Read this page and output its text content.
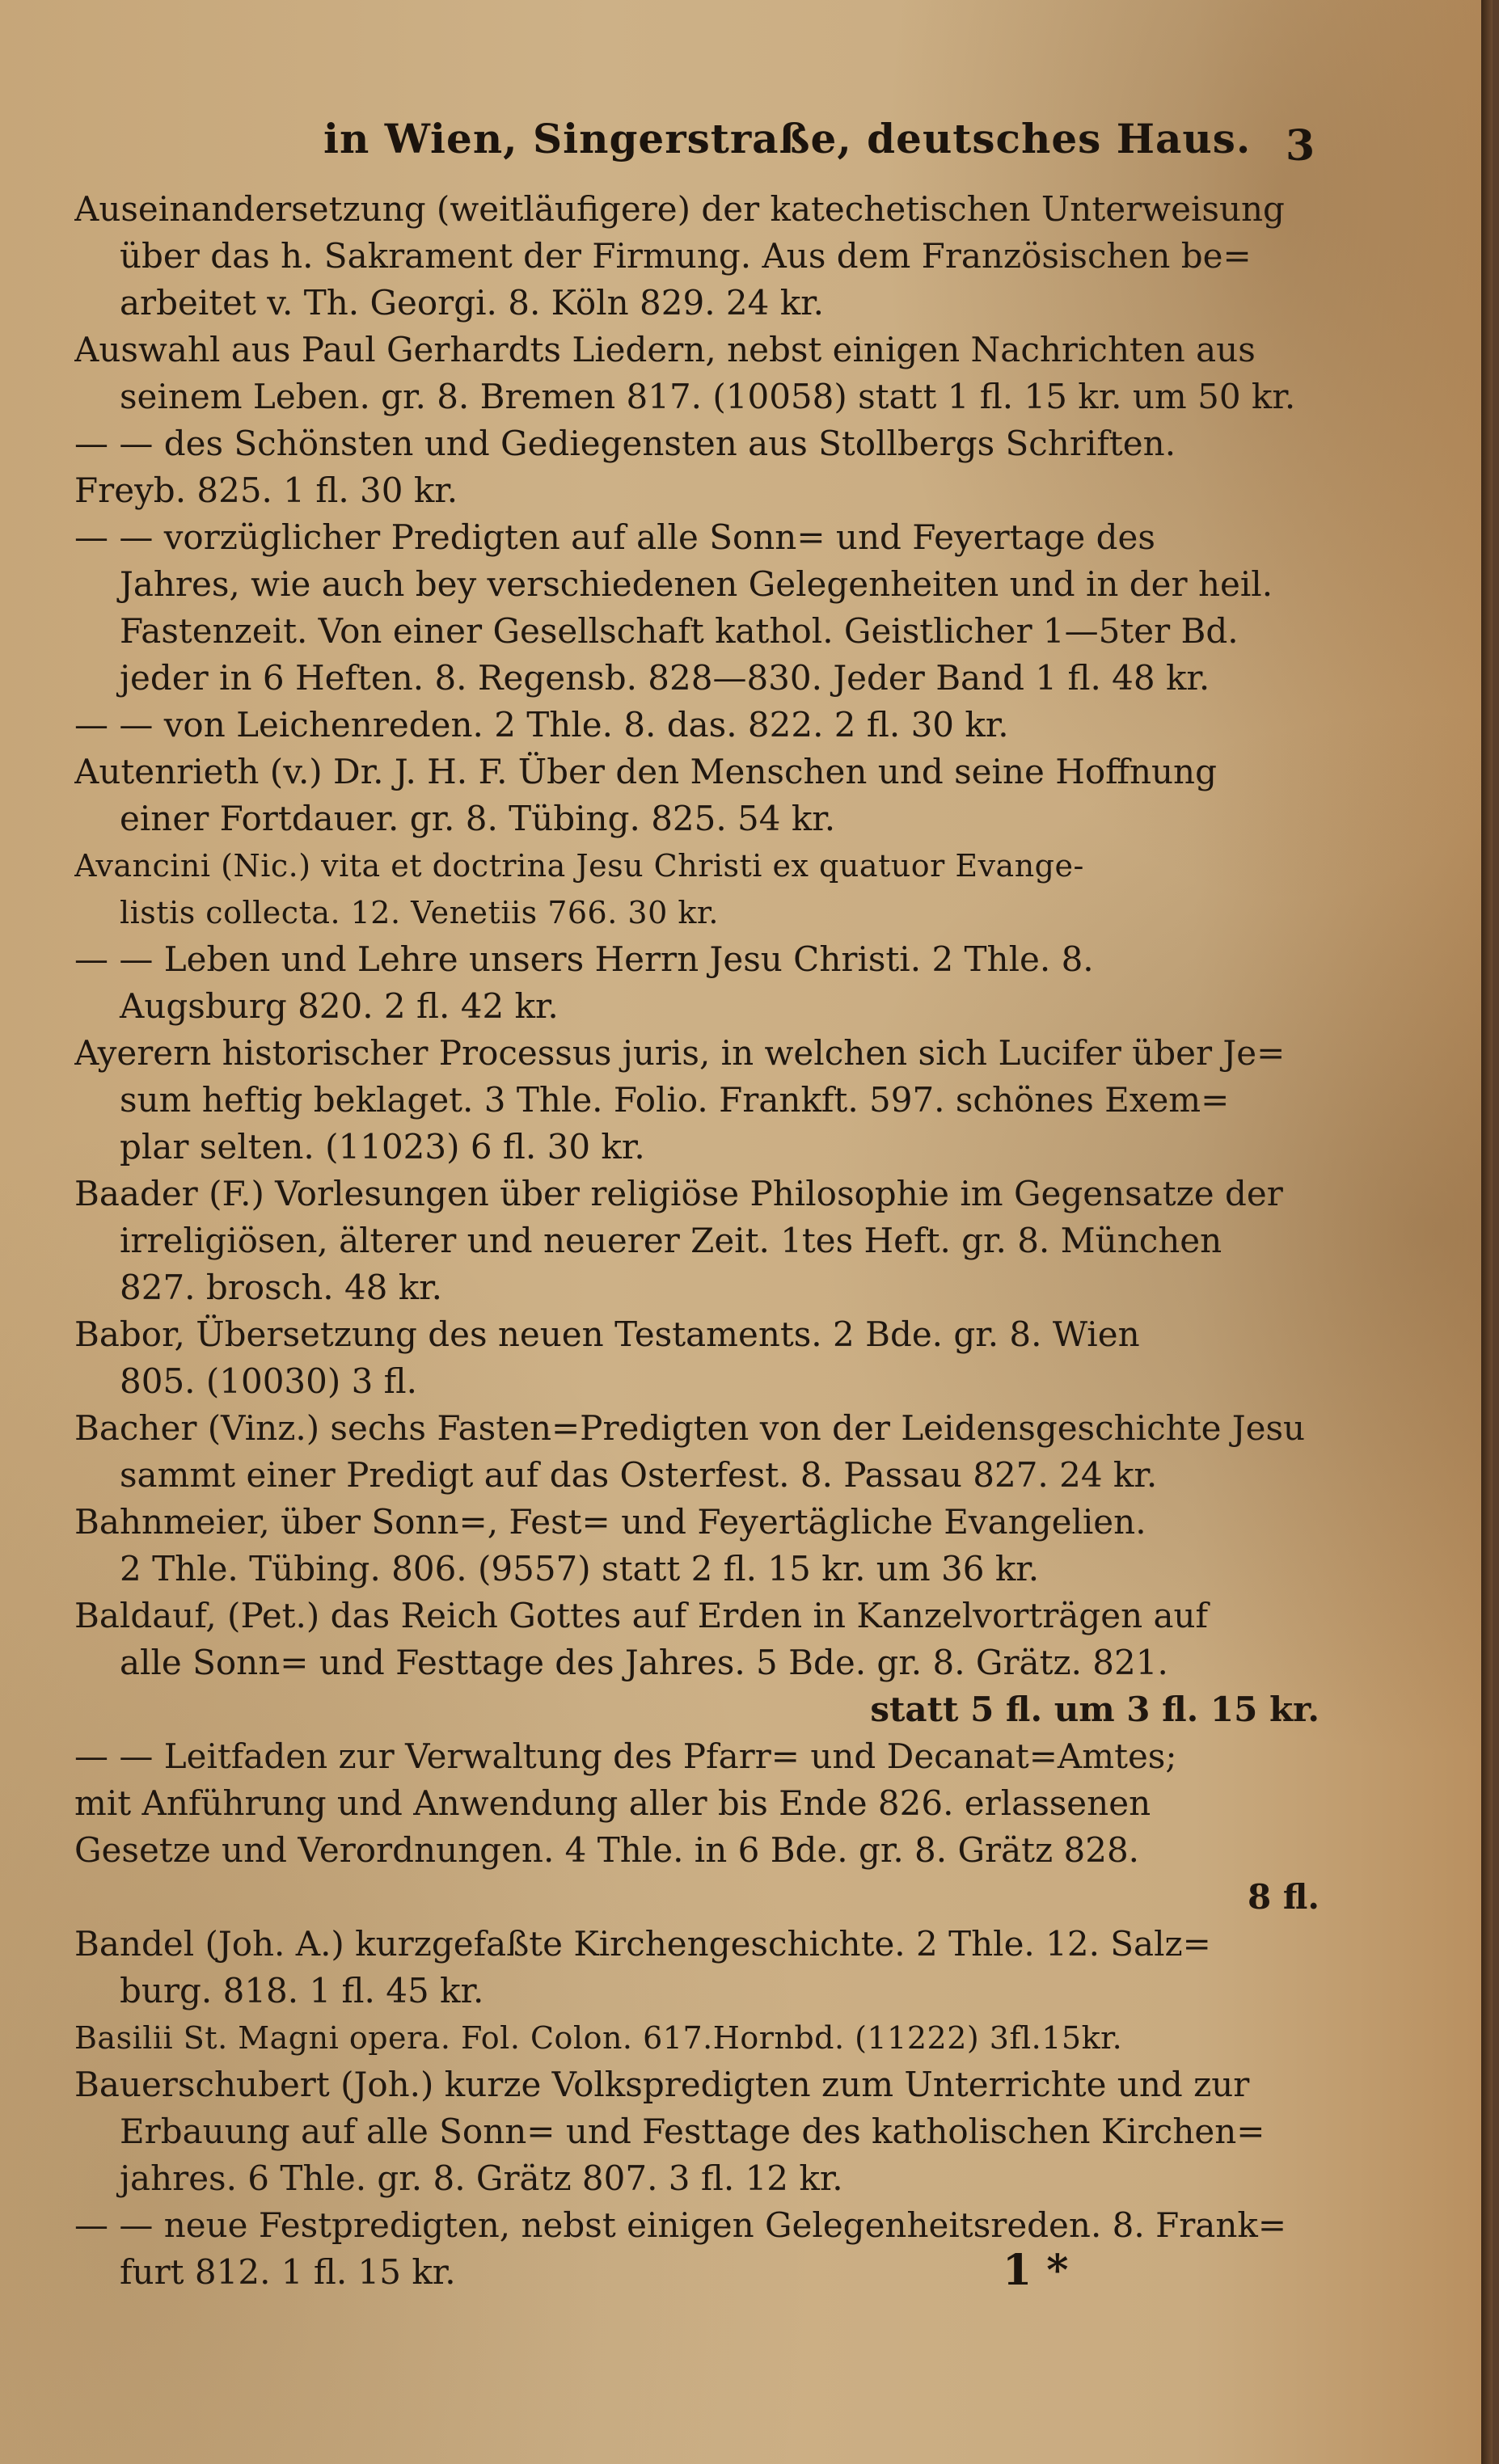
in Wien, Singerstraße, deutsches Haus. 3
Auseinandersetzung (weitläufigere) der katechetischen Unterweisung
über das h. Sakrament der Firmung. Aus dem Französischen be=
arbeitet v. Th. Georgi. 8. Köln 829. 24 kr.
Auswahl aus Paul Gerhardts Liedern, nebst einigen Nachrichten aus
seinem Leben. gr. 8. Bremen 817. (10058) statt 1 fl. 15 kr. um 50 kr.
— — des Schönsten und Gediegensten aus Stollbergs Schriften.
Freyb. 825. 1 fl. 30 kr.
— — vorzüglicher Predigten auf alle Sonn= und Feyertage des
Jahres, wie auch bey verschiedenen Gelegenheiten und in der heil.
Fastenzeit. Von einer Gesellschaft kathol. Geistlicher 1—5ter Bd.
jeder in 6 Heften. 8. Regensb. 828—830. Jeder Band 1 fl. 48 kr.
— — von Leichenreden. 2 Thle. 8. das. 822. 2 fl. 30 kr.
Autenrieth (v.) Dr. J. H. F. Über den Menschen und seine Hoffnung
einer Fortdauer. gr. 8. Tübing. 825. 54 kr.
Avancini (Nic.) vita et doctrina Jesu Christi ex quatuor Evange-
listis collecta. 12. Venetiis 766. 30 kr.
— — Leben und Lehre unsers Herrn Jesu Christi. 2 Thle. 8.
Augsburg 820. 2 fl. 42 kr.
Ayerern historischer Processus juris, in welchen sich Lucifer über Je=
sum heftig beklaget. 3 Thle. Folio. Frankft. 597. schönes Exem=
plar selten. (11023) 6 fl. 30 kr.
Baader (F.) Vorlesungen über religiöse Philosophie im Gegensatze der
irreligiösen, älterer und neuerer Zeit. 1tes Heft. gr. 8. München
827. brosch. 48 kr.
Babor, Übersetzung des neuen Testaments. 2 Bde. gr. 8. Wien
805. (10030) 3 fl.
Bacher (Vinz.) sechs Fasten=Predigten von der Leidensgeschichte Jesu
sammt einer Predigt auf das Osterfest. 8. Passau 827. 24 kr.
Bahnmeier, über Sonn=, Fest= und Feyertägliche Evangelien.
2 Thle. Tübing. 806. (9557) statt 2 fl. 15 kr. um 36 kr.
Baldauf, (Pet.) das Reich Gottes auf Erden in Kanzelvorträgen auf
alle Sonn= und Festtage des Jahres. 5 Bde. gr. 8. Grätz. 821.
statt 5 fl. um 3 fl. 15 kr.
— — Leitfaden zur Verwaltung des Pfarr= und Decanat=Amtes;
mit Anführung und Anwendung aller bis Ende 826. erlassenen
Gesetze und Verordnungen. 4 Thle. in 6 Bde. gr. 8. Grätz 828.
8 fl.
Bandel (Joh. A.) kurzgefaßte Kirchengeschichte. 2 Thle. 12. Salz=
burg. 818. 1 fl. 45 kr.
Basilii St. Magni opera. Fol. Colon. 617.Hornbd. (11222) 3fl.15kr.
Bauerschubert (Joh.) kurze Volkspredigten zum Unterrichte und zur
Erbauung auf alle Sonn= und Festtage des katholischen Kirchen=
jahres. 6 Thle. gr. 8. Grätz 807. 3 fl. 12 kr.
— — neue Festpredigten, nebst einigen Gelegenheitsreden. 8. Frank=
furt 812. 1 fl. 15 kr.	1 *
